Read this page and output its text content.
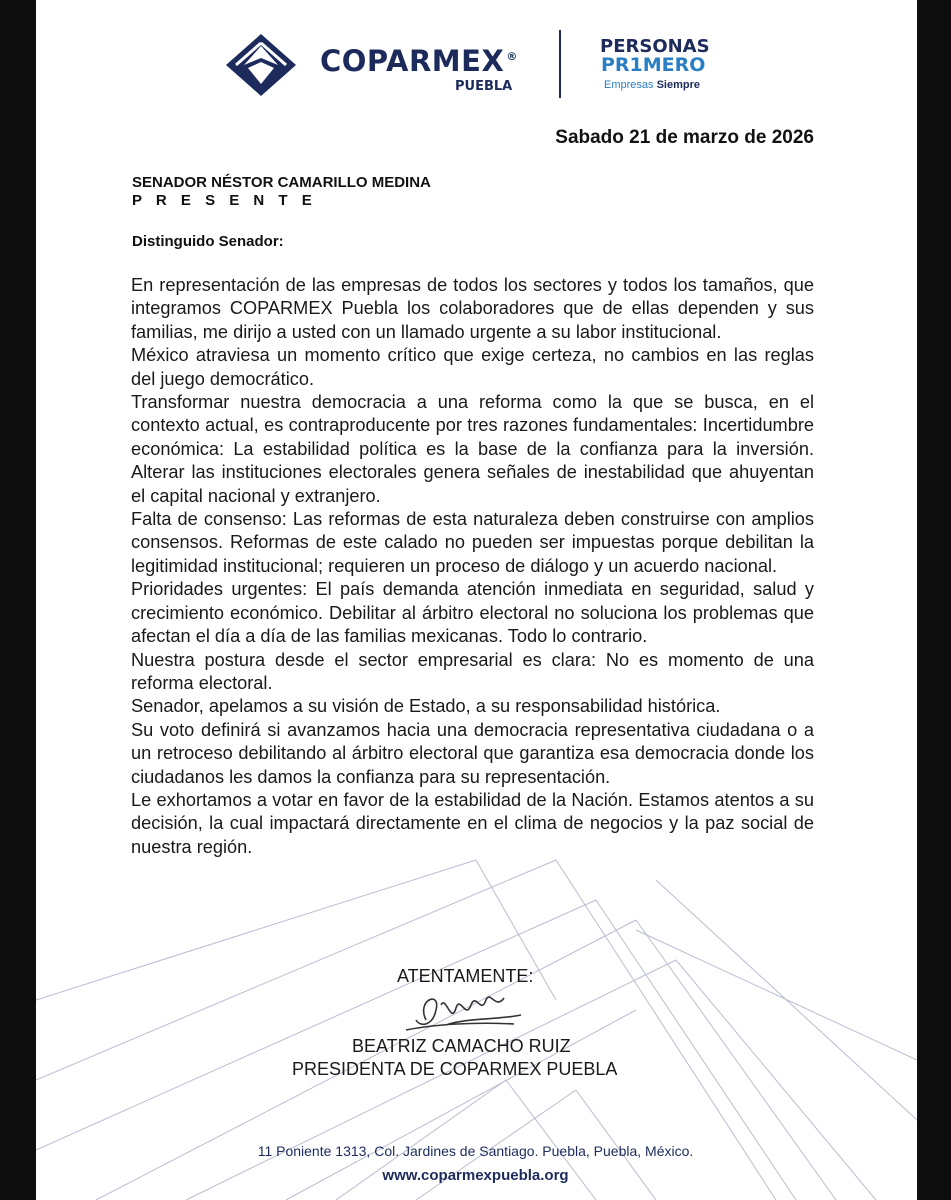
COPARMEX ®
PUEBLA
PERSONAS
PR1MERO
Empresas Siempre
Sabado 21 de marzo de 2026
SENADOR NÉSTOR CAMARILLO MEDINA
P R E S E N T E
Distinguido Senador:

En representación de las empresas de todos los sectores y todos los tamaños, que integramos COPARMEX Puebla los colaboradores que de ellas dependen y sus familias, me dirijo a usted con un llamado urgente a su labor institucional.

México atraviesa un momento crítico que exige certeza, no cambios en las reglas del juego democrático.

Transformar nuestra democracia a una reforma como la que se busca, en el contexto actual, es contraproducente por tres razones fundamentales: Incertidumbre económica: La estabilidad política es la base de la confianza para la inversión. Alterar las instituciones electorales genera señales de inestabilidad que ahuyentan el capital nacional y extranjero.

Falta de consenso: Las reformas de esta naturaleza deben construirse con amplios consensos. Reformas de este calado no pueden ser impuestas porque debilitan la legitimidad institucional; requieren un proceso de diálogo y un acuerdo nacional.

Prioridades urgentes: El país demanda atención inmediata en seguridad, salud y crecimiento económico. Debilitar al árbitro electoral no soluciona los problemas que afectan el día a día de las familias mexicanas. Todo lo contrario.

Nuestra postura desde el sector empresarial es clara: No es momento de una reforma electoral.

Senador, apelamos a su visión de Estado, a su responsabilidad histórica.

Su voto definirá si avanzamos hacia una democracia representativa ciudadana o a un retroceso debilitando al árbitro electoral que garantiza esa democracia donde los ciudadanos les damos la confianza para su representación.

Le exhortamos a votar en favor de la estabilidad de la Nación. Estamos atentos a su decisión, la cual impactará directamente en el clima de negocios y la paz social de nuestra región.

ATENTAMENTE:
BEATRIZ CAMACHO RUIZ
PRESIDENTA DE COPARMEX PUEBLA
11 Poniente 1313, Col. Jardines de Santiago. Puebla, Puebla, México.
www.coparmexpuebla.org
